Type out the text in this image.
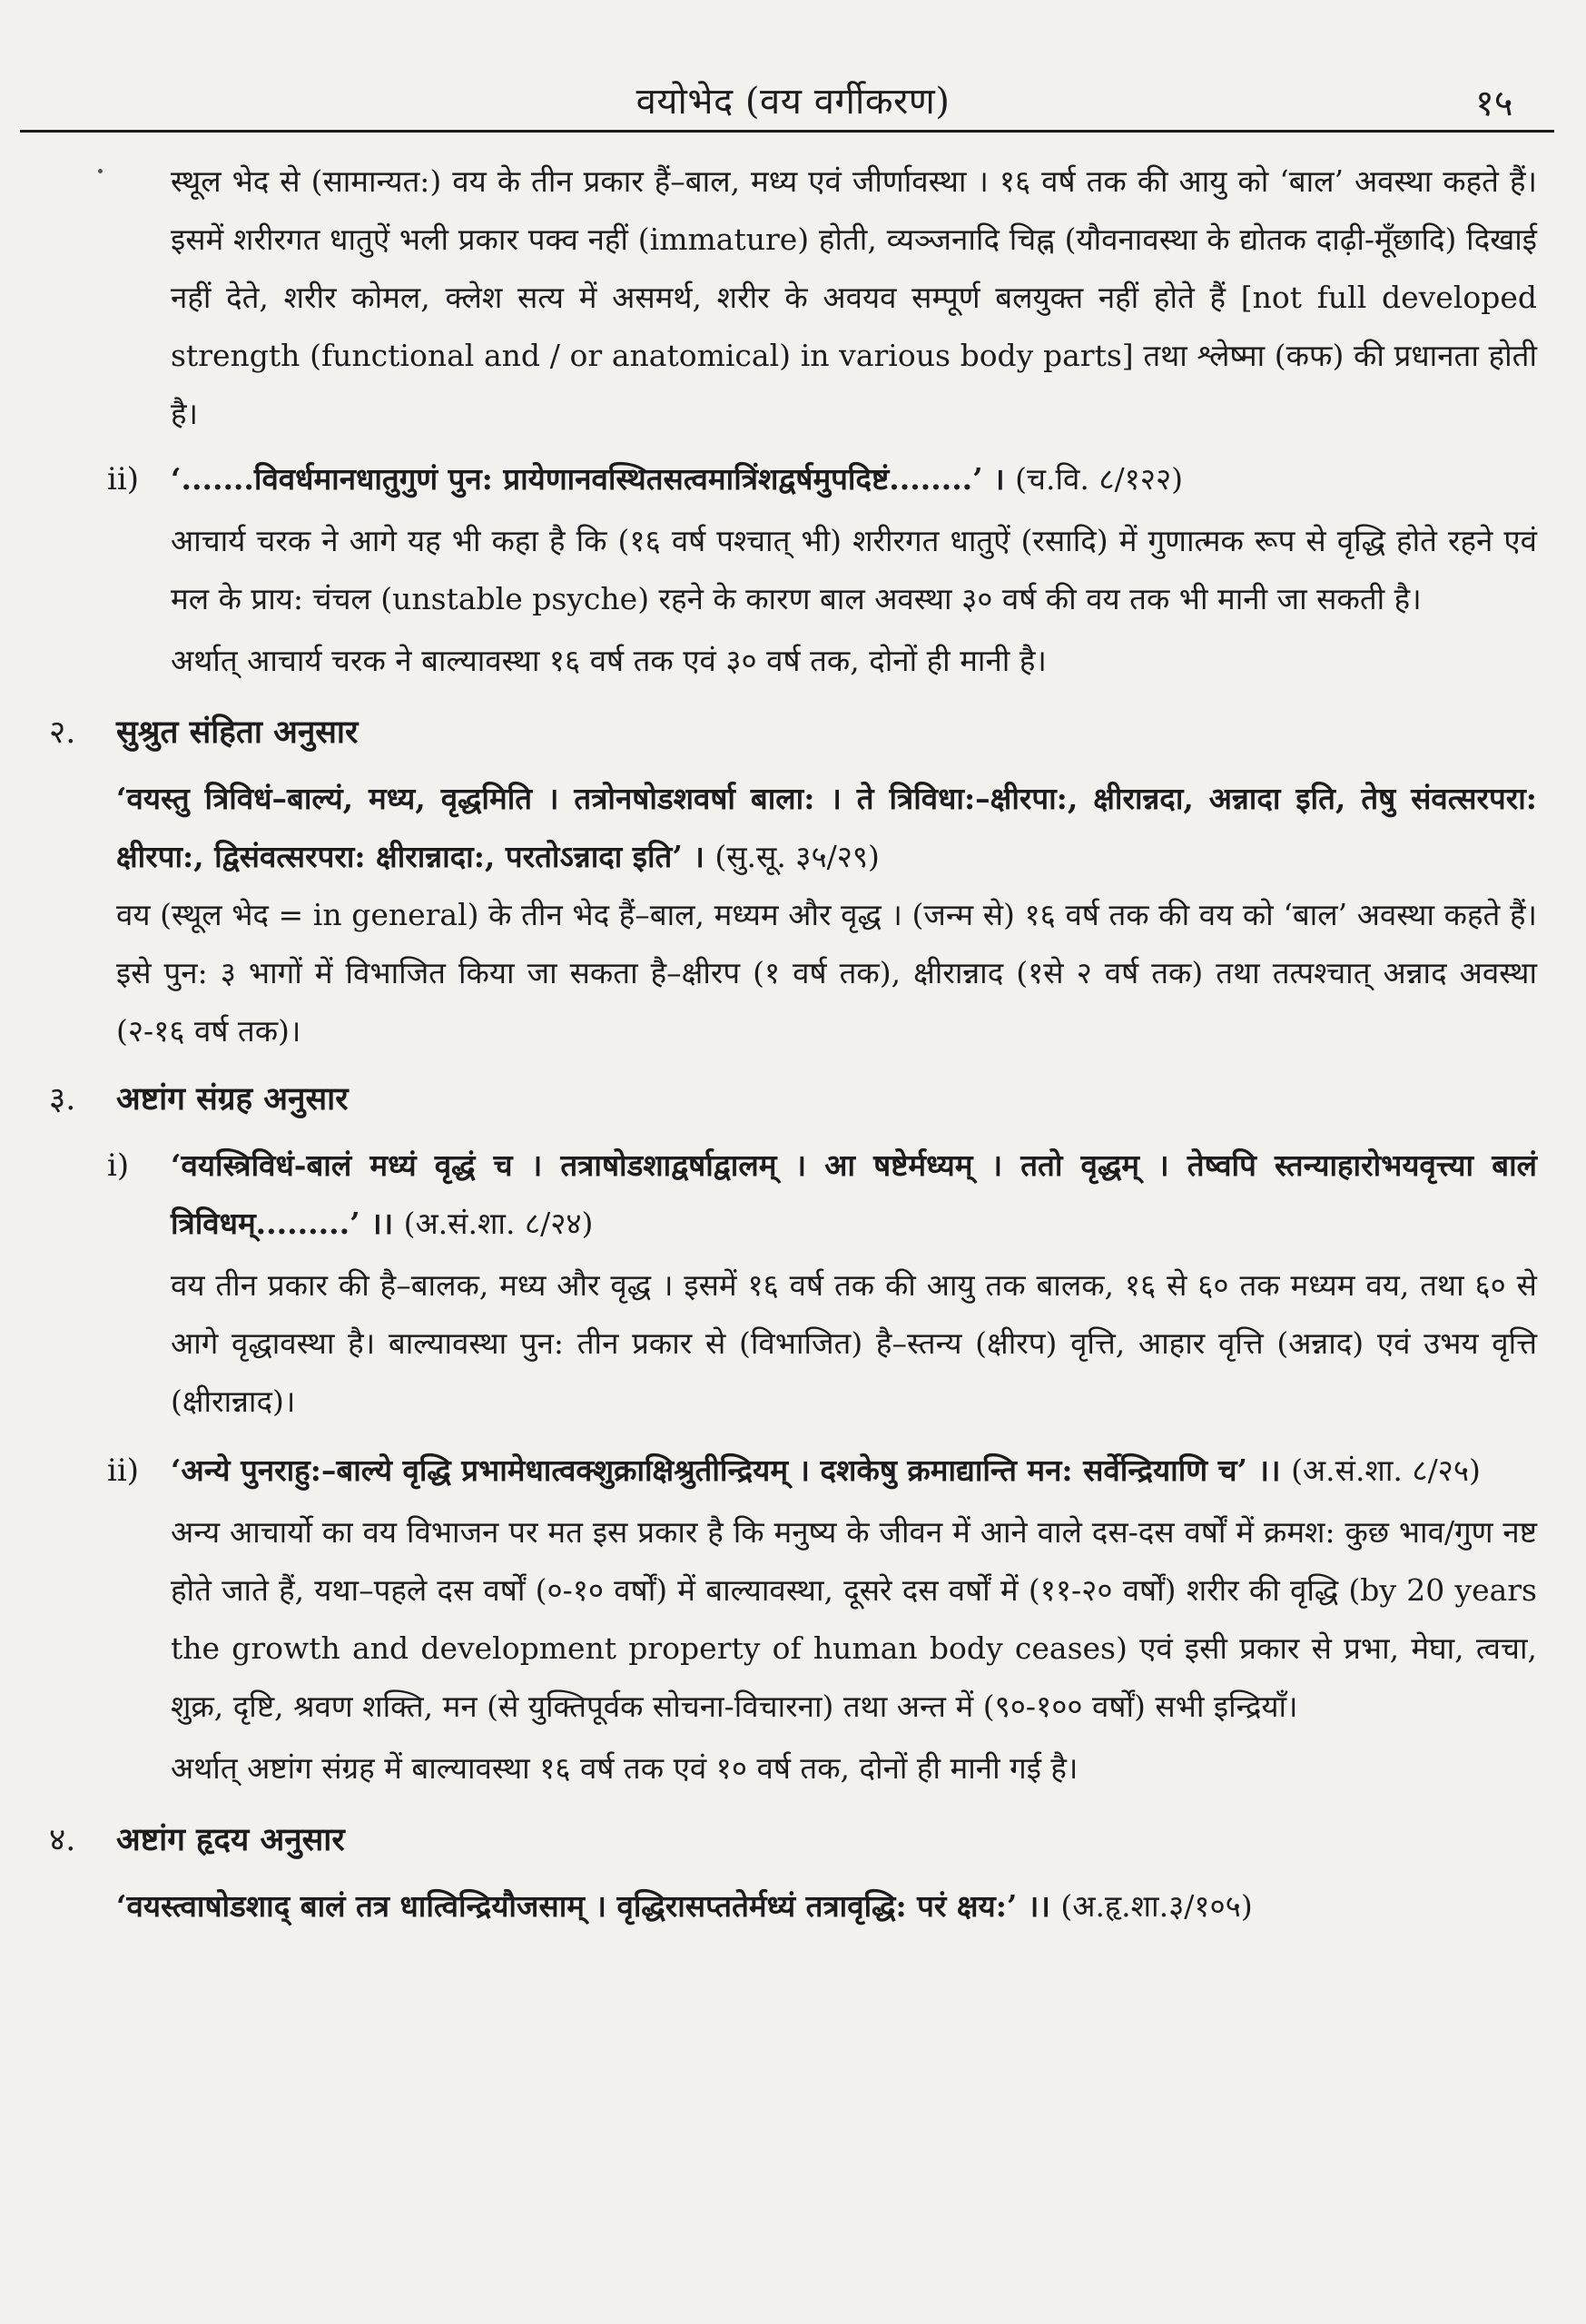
वयोभेद (वय वर्गीकरण)	१५

स्थूल भेद से (सामान्यत:) वय के तीन प्रकार हैं–बाल, मध्य एवं जीर्णावस्था । १६ वर्ष तक की आयु को ‘बाल’ अवस्था कहते हैं। इसमें शरीरगत धातुऐं भली प्रकार पक्व नहीं (immature) होती, व्यञ्जनादि चिह्न (यौवनावस्था के द्योतक दाढ़ी-मूँछादि) दिखाई नहीं देते, शरीर कोमल, क्लेश सत्य में असमर्थ, शरीर के अवयव सम्पूर्ण बलयुक्त नहीं होते हैं [not full developed strength (functional and / or anatomical) in various body parts] तथा श्लेष्मा (कफ) की प्रधानता होती है।

ii) ‘.......विवर्धमानधातुगुणं पुन: प्रायेणानवस्थितसत्वमात्रिंशद्वर्षमुपदिष्टं........’ । (च.वि. ८/१२२)

आचार्य चरक ने आगे यह भी कहा है कि (१६ वर्ष पश्चात् भी) शरीरगत धातुऐं (रसादि) में गुणात्मक रूप से वृद्धि होते रहने एवं मल के प्राय: चंचल (unstable psyche) रहने के कारण बाल अवस्था ३० वर्ष की वय तक भी मानी जा सकती है।

अर्थात् आचार्य चरक ने बाल्यावस्था १६ वर्ष तक एवं ३० वर्ष तक, दोनों ही मानी है।

२. सुश्रुत संहिता अनुसार

‘वयस्तु त्रिविधं–बाल्यं, मध्य, वृद्धमिति । तत्रोनषोडशवर्षा बाला: । ते त्रिविधा:–क्षीरपा:, क्षीरान्नदा, अन्नादा इति, तेषु संवत्सरपरा: क्षीरपा:, द्विसंवत्सरपरा: क्षीरान्नादा:, परतोऽन्नादा इति’ । (सु.सू. ३५/२९)

वय (स्थूल भेद = in general) के तीन भेद हैं–बाल, मध्यम और वृद्ध । (जन्म से) १६ वर्ष तक की वय को ‘बाल’ अवस्था कहते हैं। इसे पुन: ३ भागों में विभाजित किया जा सकता है–क्षीरप (१ वर्ष तक), क्षीरान्नाद (१से २ वर्ष तक) तथा तत्पश्चात् अन्नाद अवस्था (२-१६ वर्ष तक)।

३. अष्टांग संग्रह अनुसार
i) ‘वयस्त्रिविधं-बालं मध्यं वृद्धं च । तत्राषोडशाद्वर्षाद्वालम् । आ षष्टेर्मध्यम् । ततो वृद्धम् । तेष्वपि स्तन्याहारोभयवृत्त्या बालं त्रिविधम्.........’ ।। (अ.सं.शा. ८/२४)

वय तीन प्रकार की है–बालक, मध्य और वृद्ध । इसमें १६ वर्ष तक की आयु तक बालक, १६ से ६० तक मध्यम वय, तथा ६० से आगे वृद्धावस्था है। बाल्यावस्था पुन: तीन प्रकार से (विभाजित) है–स्तन्य (क्षीरप) वृत्ति, आहार वृत्ति (अन्नाद) एवं उभय वृत्ति (क्षीरान्नाद)।

ii) ‘अन्ये पुनराहु:–बाल्ये वृद्धि प्रभामेधात्वक्शुक्राक्षिश्रुतीन्द्रियम् । दशकेषु क्रमाद्यान्ति मन: सर्वेन्द्रियाणि च’ ।। (अ.सं.शा. ८/२५)

अन्य आचार्यो का वय विभाजन पर मत इस प्रकार है कि मनुष्य के जीवन में आने वाले दस-दस वर्षों में क्रमश: कुछ भाव/गुण नष्ट होते जाते हैं, यथा–पहले दस वर्षों (०-१० वर्षों) में बाल्यावस्था, दूसरे दस वर्षों में (११-२० वर्षों) शरीर की वृद्धि (by 20 years the growth and development property of human body ceases) एवं इसी प्रकार से प्रभा, मेघा, त्वचा, शुक्र, दृष्टि, श्रवण शक्ति, मन (से युक्तिपूर्वक सोचना-विचारना) तथा अन्त में (९०-१०० वर्षों) सभी इन्द्रियाँ।

अर्थात् अष्टांग संग्रह में बाल्यावस्था १६ वर्ष तक एवं १० वर्ष तक, दोनों ही मानी गई है।

४. अष्टांग हृदय अनुसार

‘वयस्त्वाषोडशाद् बालं तत्र धात्विन्द्रियौजसाम् । वृद्धिरासप्ततेर्मध्यं तत्रावृद्धि: परं क्षय:’ ।। (अ.हृ.शा.३/१०५)
